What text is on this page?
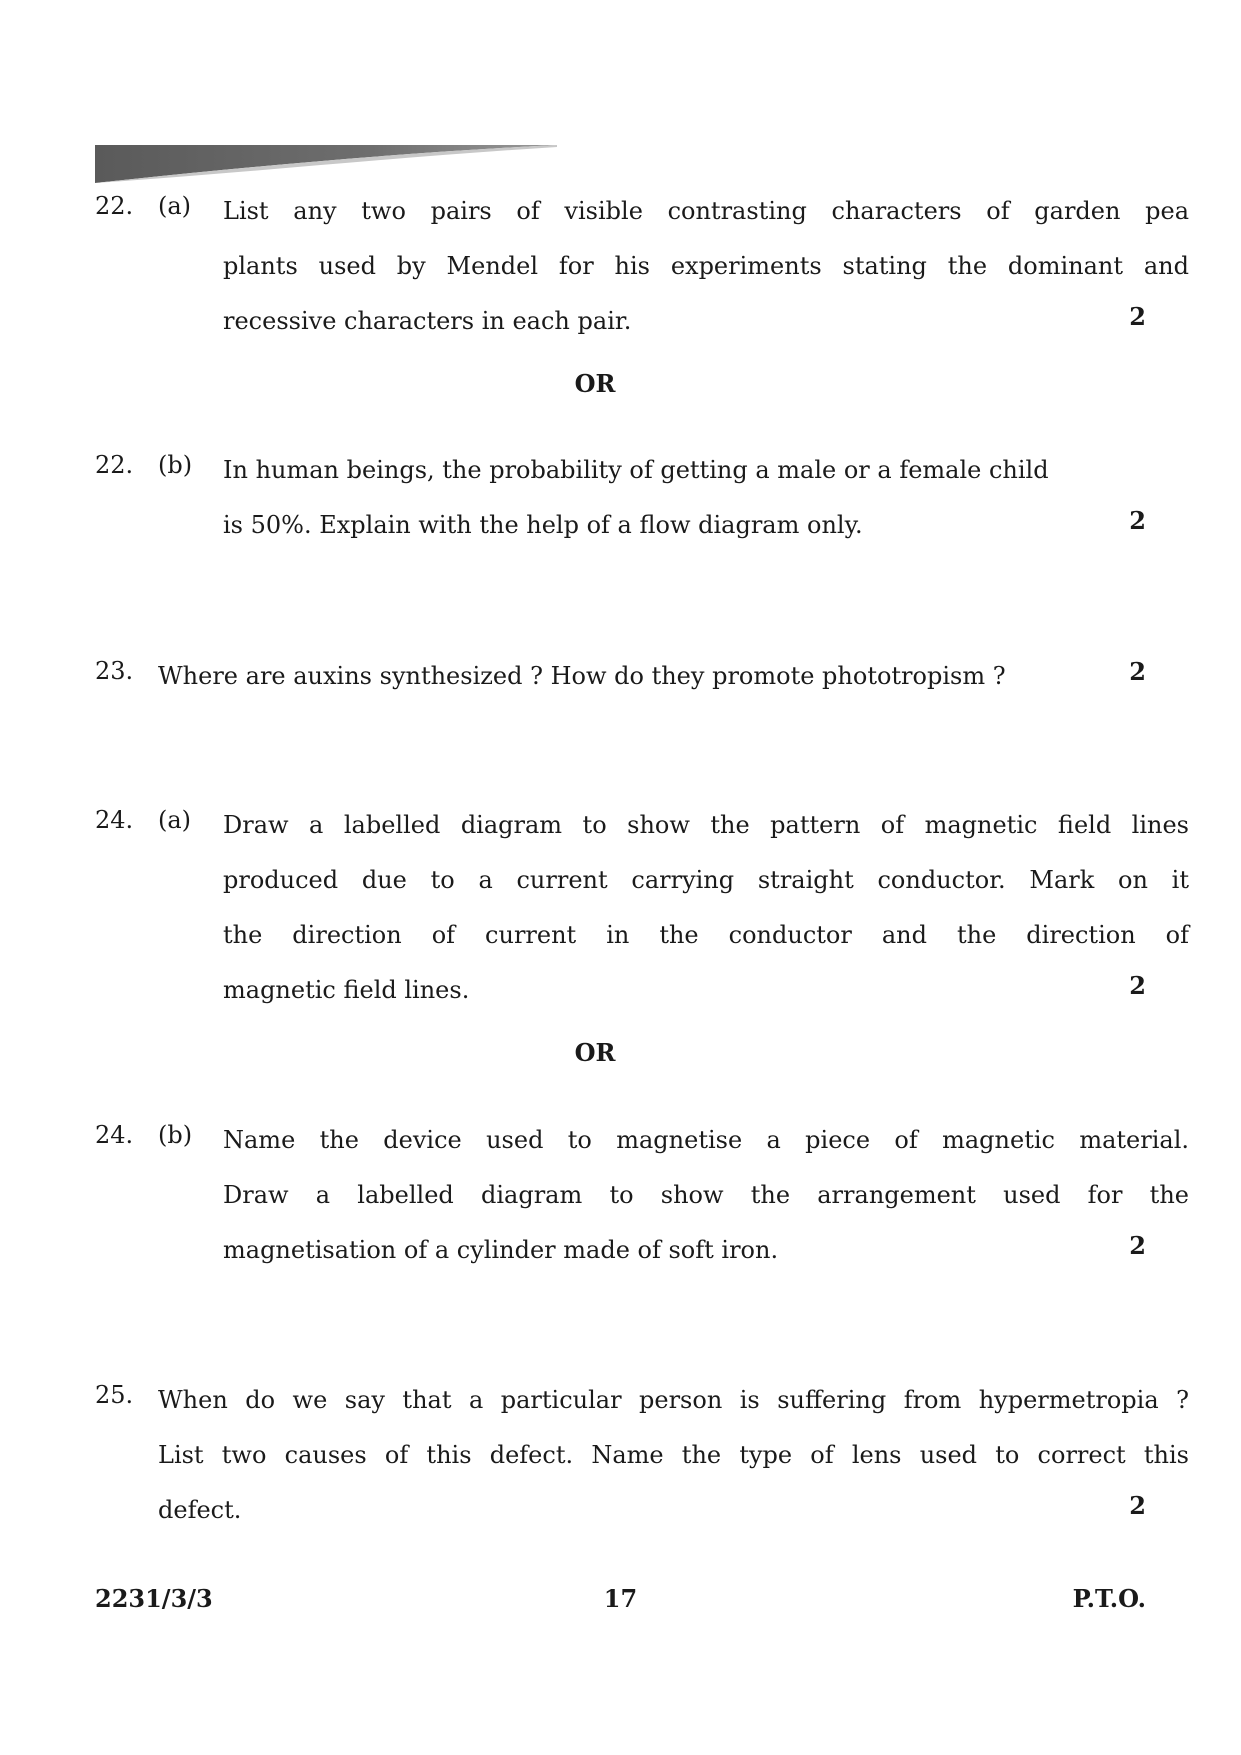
22.	(a)	List any two pairs of visible contrasting characters of garden pea
plants used by Mendel for his experiments stating the dominant and
recessive characters in each pair.	2
OR
22.	(b)	In human beings, the probability of getting a male or a female child
is 50%. Explain with the help of a flow diagram only.	2
23.	Where are auxins synthesized ? How do they promote phototropism ?	2
24.	(a)	Draw a labelled diagram to show the pattern of magnetic field lines
produced due to a current carrying straight conductor. Mark on it
the direction of current in the conductor and the direction of
magnetic field lines.	2
OR
24.	(b)	Name the device used to magnetise a piece of magnetic material.
Draw a labelled diagram to show the arrangement used for the
magnetisation of a cylinder made of soft iron.	2
25.	When do we say that a particular person is suffering from hypermetropia ?
List two causes of this defect. Name the type of lens used to correct this
defect.	2
2231/3/3	17	P.T.O.
